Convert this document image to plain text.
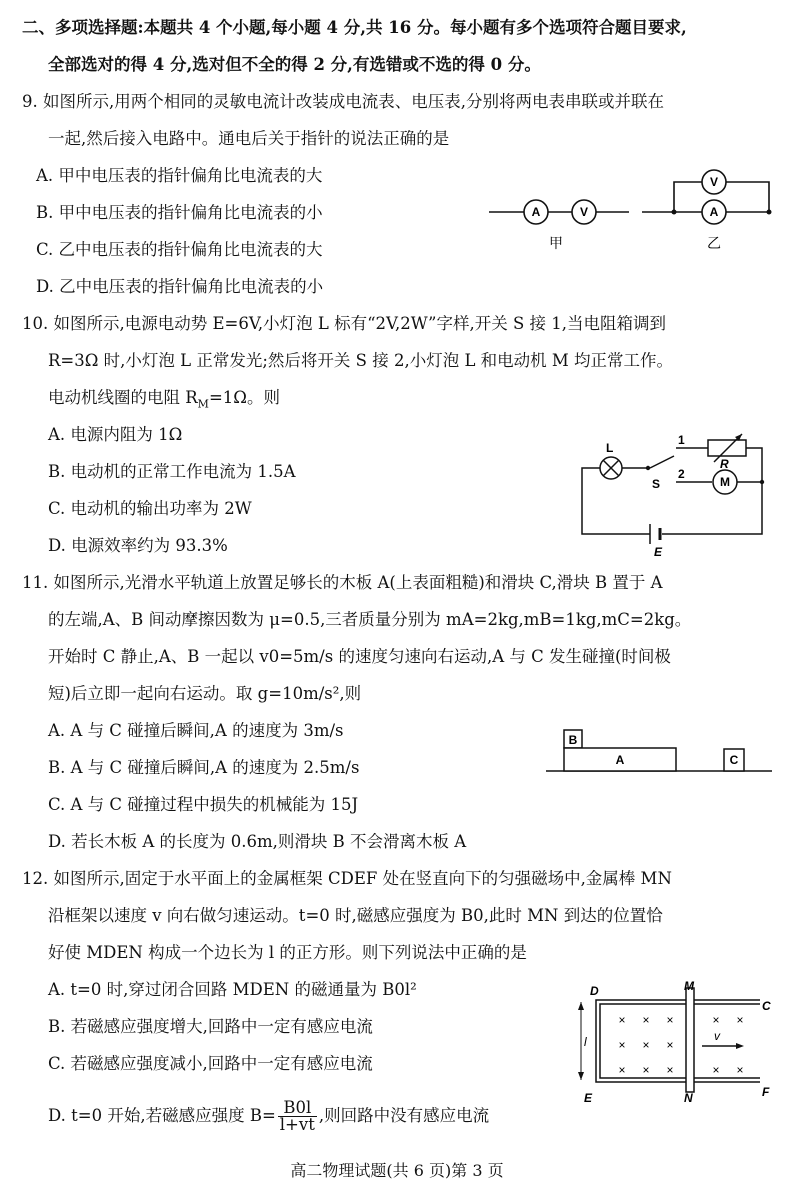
二、多项选择题:本题共 4 个小题,每小题 4 分,共 16 分。每小题有多个选项符合题目要求,
全部选对的得 4 分,选对但不全的得 2 分,有选错或不选的得 0 分。
9. 如图所示,用两个相同的灵敏电流计改装成电流表、电压表,分别将两电表串联或并联在
一起,然后接入电路中。通电后关于指针的说法正确的是
A. 甲中电压表的指针偏角比电流表的大
B. 甲中电压表的指针偏角比电流表的小
C. 乙中电压表的指针偏角比电流表的大
D. 乙中电压表的指针偏角比电流表的小
A	V
V
A
甲	乙
10. 如图所示,电源电动势 E=6V,小灯泡 L 标有“2V,2W”字样,开关 S 接 1,当电阻箱调到
R=3Ω 时,小灯泡 L 正常发光;然后将开关 S 接 2,小灯泡 L 和电动机 M 均正常工作。
电动机线圈的电阻 $R_M=1\Omega$。则
A. 电源内阻为 1Ω
B. 电动机的正常工作电流为 1.5A
C. 电动机的输出功率为 2W
D. 电源效率约为 93.3%
L
S
1
2
R
M
E
11. 如图所示,光滑水平轨道上放置足够长的木板 A(上表面粗糙)和滑块 C,滑块 B 置于 A
的左端,A、B 间动摩擦因数为 μ=0.5,三者质量分别为 mA=2kg,mB=1kg,mC=2kg。
开始时 C 静止,A、B 一起以 v0=5m/s 的速度匀速向右运动,A 与 C 发生碰撞(时间极
短)后立即一起向右运动。取 g=10m/s²,则
A. A 与 C 碰撞后瞬间,A 的速度为 3m/s
B. A 与 C 碰撞后瞬间,A 的速度为 2.5m/s
C. A 与 C 碰撞过程中损失的机械能为 15J
D. 若长木板 A 的长度为 0.6m,则滑块 B 不会滑离木板 A
B
A	C
12. 如图所示,固定于水平面上的金属框架 CDEF 处在竖直向下的匀强磁场中,金属棒 MN
沿框架以速度 v 向右做匀速运动。t=0 时,磁感应强度为 B0,此时 MN 到达的位置恰
好使 MDEN 构成一个边长为 l 的正方形。则下列说法中正确的是
A. t=0 时,穿过闭合回路 MDEN 的磁通量为 B0l²
B. 若磁感应强度增大,回路中一定有感应电流
C. 若磁感应强度减小,回路中一定有感应电流
D. t=0 开始,若磁感应强度 $B= \frac{B0l}{l+vt}$ ,则回路中没有感应电流
× × ×	× ×
× × ×
× × ×	× ×
D	M
C
l	v
E	N	F
高二物理试题(共 6 页)第 3 页
